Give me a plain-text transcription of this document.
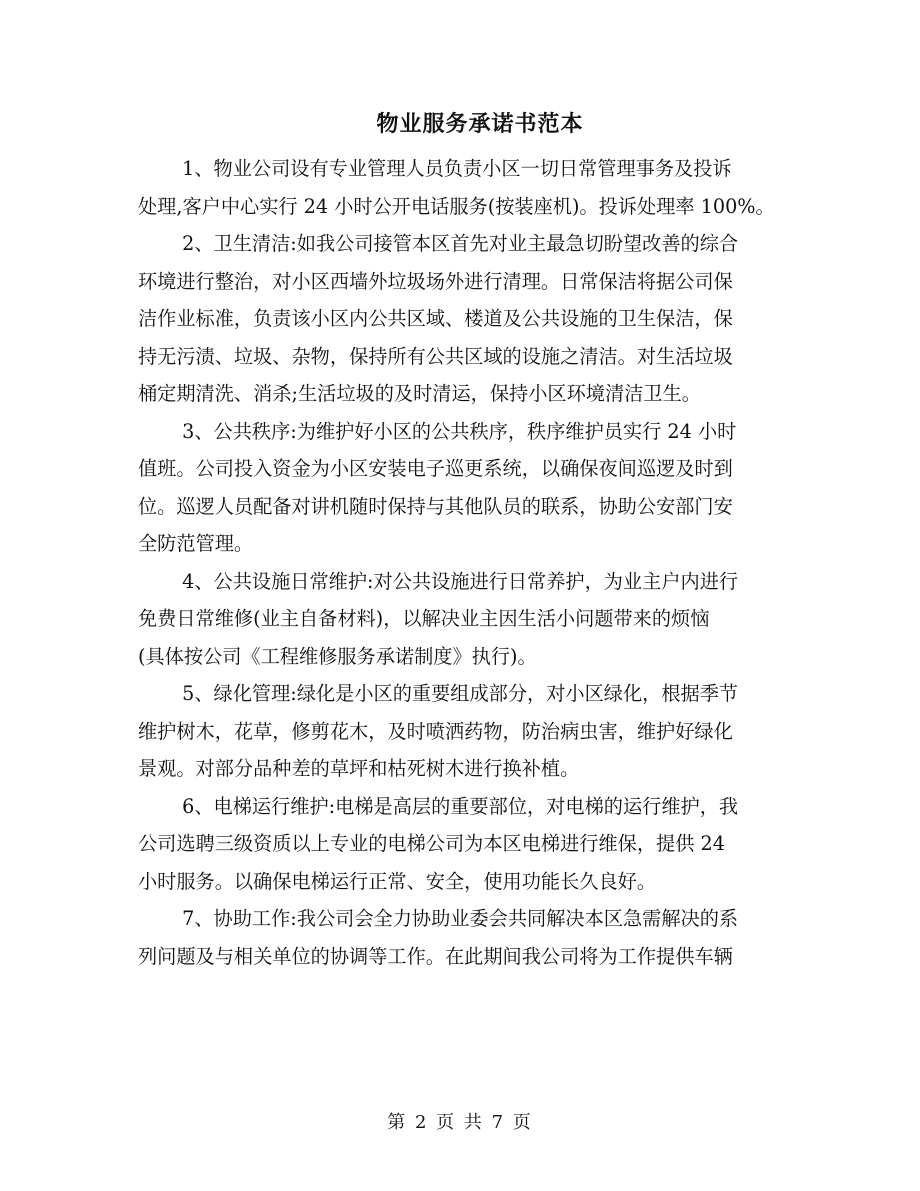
物业服务承诺书范本

1、物业公司设有专业管理人员负责小区一切日常管理事务及投诉
处理,客户中心实行 24 小时公开电话服务(按装座机)。投诉处理率 100%。

2、卫生清洁:如我公司接管本区首先对业主最急切盼望改善的综合
环境进行整治，对小区西墙外垃圾场外进行清理。日常保洁将据公司保
洁作业标准，负责该小区内公共区域、楼道及公共设施的卫生保洁，保
持无污渍、垃圾、杂物，保持所有公共区域的设施之清洁。对生活垃圾
桶定期清洗、消杀;生活垃圾的及时清运，保持小区环境清洁卫生。

3、公共秩序:为维护好小区的公共秩序，秩序维护员实行 24 小时
值班。公司投入资金为小区安装电子巡更系统，以确保夜间巡逻及时到
位。巡逻人员配备对讲机随时保持与其他队员的联系，协助公安部门安
全防范管理。

4、公共设施日常维护:对公共设施进行日常养护，为业主户内进行
免费日常维修(业主自备材料)，以解决业主因生活小问题带来的烦恼
(具体按公司《工程维修服务承诺制度》执行)。

5、绿化管理:绿化是小区的重要组成部分，对小区绿化，根据季节
维护树木，花草，修剪花木，及时喷洒药物，防治病虫害，维护好绿化
景观。对部分品种差的草坪和枯死树木进行换补植。

6、电梯运行维护:电梯是高层的重要部位，对电梯的运行维护，我
公司选聘三级资质以上专业的电梯公司为本区电梯进行维保，提供 24
小时服务。以确保电梯运行正常、安全，使用功能长久良好。

7、协助工作:我公司会全力协助业委会共同解决本区急需解决的系
列问题及与相关单位的协调等工作。在此期间我公司将为工作提供车辆

第 2 页 共 7 页
